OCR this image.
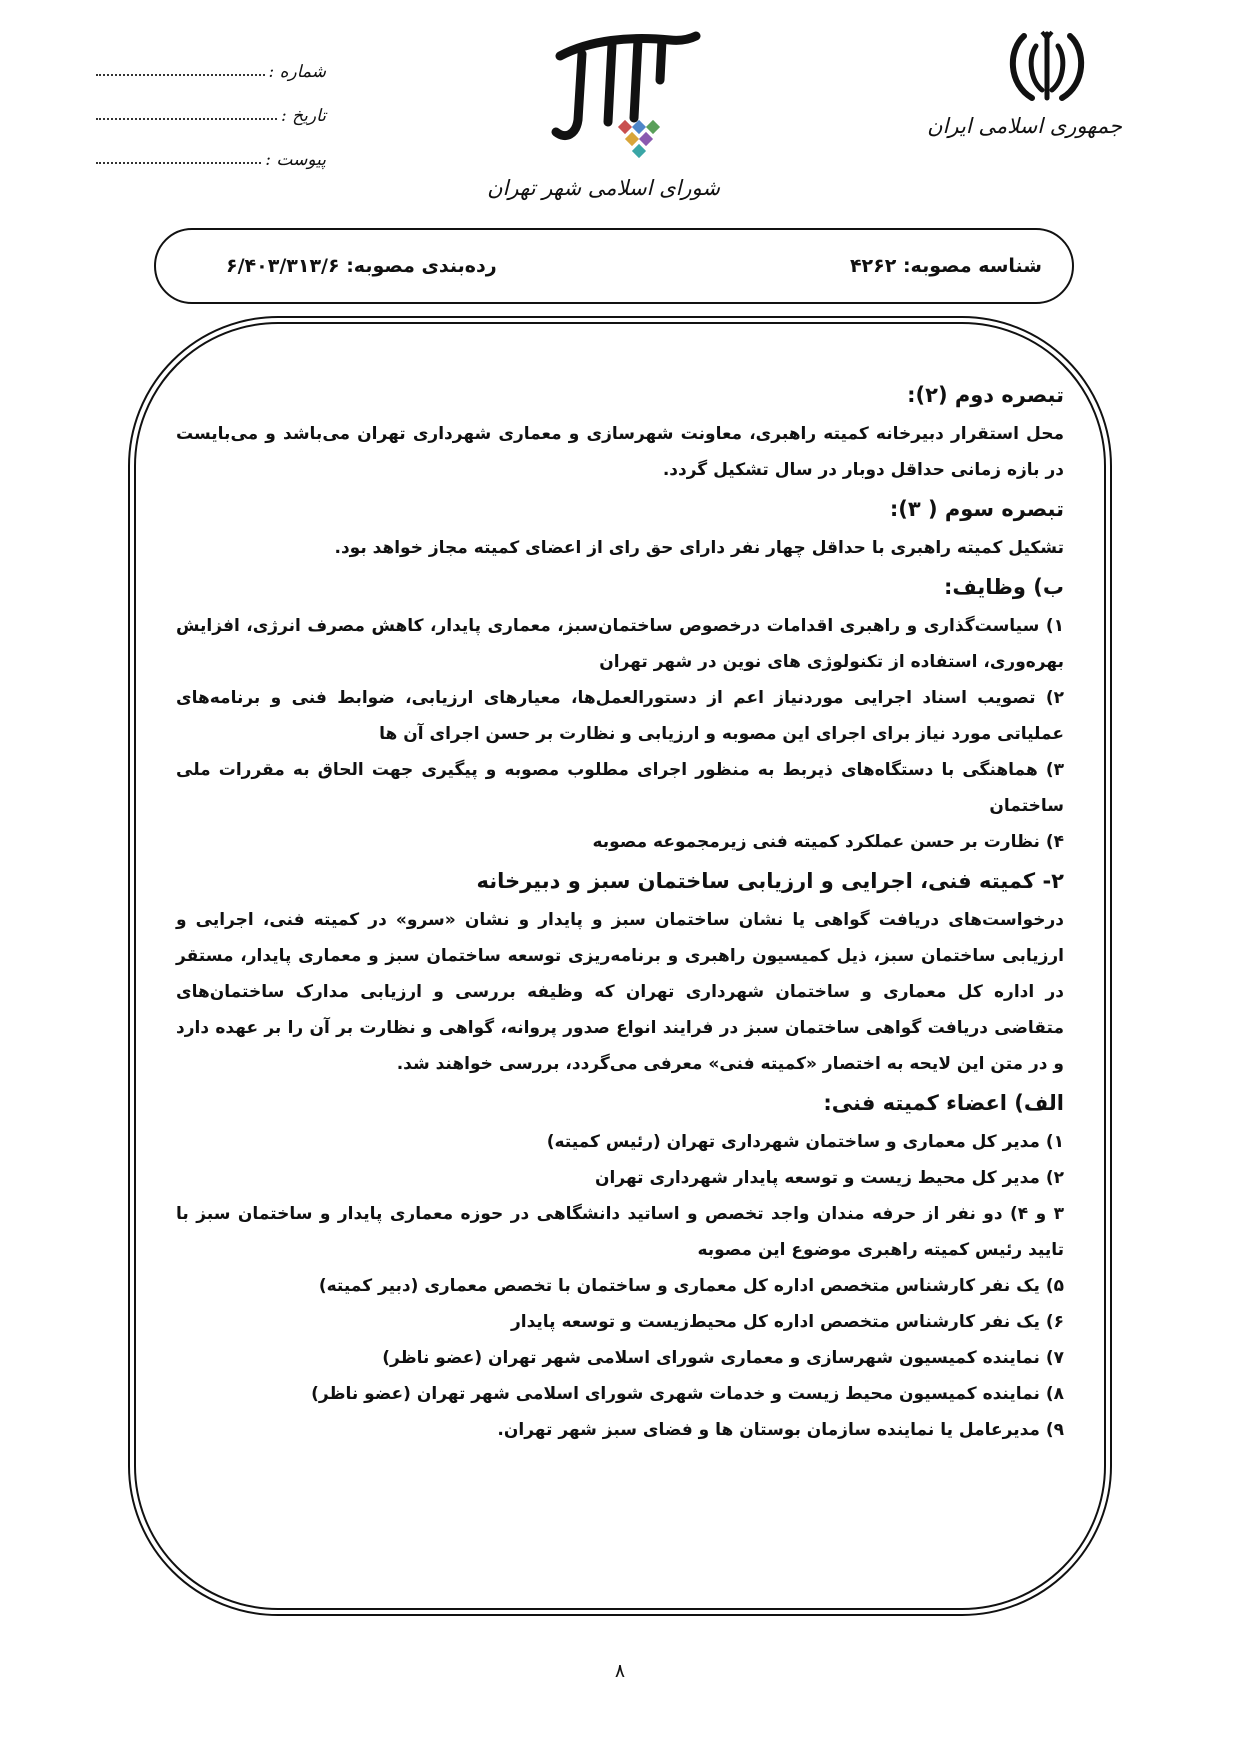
جمهوری اسلامی ایران
شورای اسلامی شهر تهران
شماره :
تاریخ :
پیوست :
شناسه مصوبه: ۴۲۶۲
رده‌بندی مصوبه: ۶/۴۰۳/۳۱۳/۶
تبصره دوم (۲):
محل استقرار دبیرخانه کمیته راهبری، معاونت شهرسازی و معماری شهرداری تهران می‌باشد و می‌بایست در بازه زمانی حداقل دوبار در سال تشکیل گردد.
تبصره سوم ( ۳):
تشکیل کمیته راهبری با حداقل چهار نفر دارای حق رای از اعضای کمیته مجاز خواهد بود.
ب) وظایف:
۱) سیاست‌گذاری و راهبری اقدامات درخصوص ساختمان‌سبز، معماری پایدار، کاهش مصرف انرژی، افزایش بهره‌وری، استفاده از تکنولوژی های نوین در شهر تهران
۲) تصویب اسناد اجرایی موردنیاز اعم از دستورالعمل‌ها، معیارهای ارزیابی، ضوابط فنی و برنامه‌های عملیاتی مورد نیاز برای اجرای این مصوبه و ارزیابی و نظارت بر حسن اجرای آن ها
۳) هماهنگی با دستگاه‌های ذیربط به منظور اجرای مطلوب مصوبه و پیگیری جهت الحاق به مقررات ملی ساختمان
۴) نظارت بر حسن عملکرد کمیته فنی زیرمجموعه مصوبه
۲- کمیته فنی، اجرایی و ارزیابی ساختمان سبز و دبیرخانه
درخواست‌های دریافت گواهی یا نشان ساختمان سبز و پایدار و نشان «سرو» در کمیته فنی، اجرایی و ارزیابی ساختمان سبز، ذیل کمیسیون راهبری و برنامه‌ریزی توسعه ساختمان سبز و معماری پایدار، مستقر در اداره کل معماری و ساختمان شهرداری تهران که وظیفه بررسی و ارزیابی مدارک ساختمان‌های متقاضی دریافت گواهی ساختمان سبز در فرایند انواع صدور پروانه، گواهی و نظارت بر آن را بر عهده دارد و در متن این لایحه به اختصار «کمیته فنی» معرفی می‌گردد، بررسی خواهند شد.
الف) اعضاء کمیته فنی:
۱) مدیر کل معماری و ساختمان شهرداری تهران (رئیس کمیته)
۲) مدیر کل محیط زیست و توسعه پایدار شهرداری تهران
۳ و ۴) دو نفر از حرفه مندان واجد تخصص و اساتید دانشگاهی در حوزه معماری پایدار و ساختمان سبز با تایید رئیس کمیته راهبری موضوع این مصوبه
۵) یک نفر کارشناس متخصص اداره کل معماری و ساختمان با تخصص معماری (دبیر کمیته)
۶) یک نفر کارشناس متخصص اداره کل محیط‌زیست و توسعه پایدار
۷) نماینده کمیسیون شهرسازی و معماری شورای اسلامی شهر تهران (عضو ناظر)
۸) نماینده کمیسیون محیط زیست و خدمات شهری شورای اسلامی شهر تهران (عضو ناظر)
۹) مدیرعامل یا نماینده سازمان بوستان ها و فضای سبز شهر تهران.
۸
